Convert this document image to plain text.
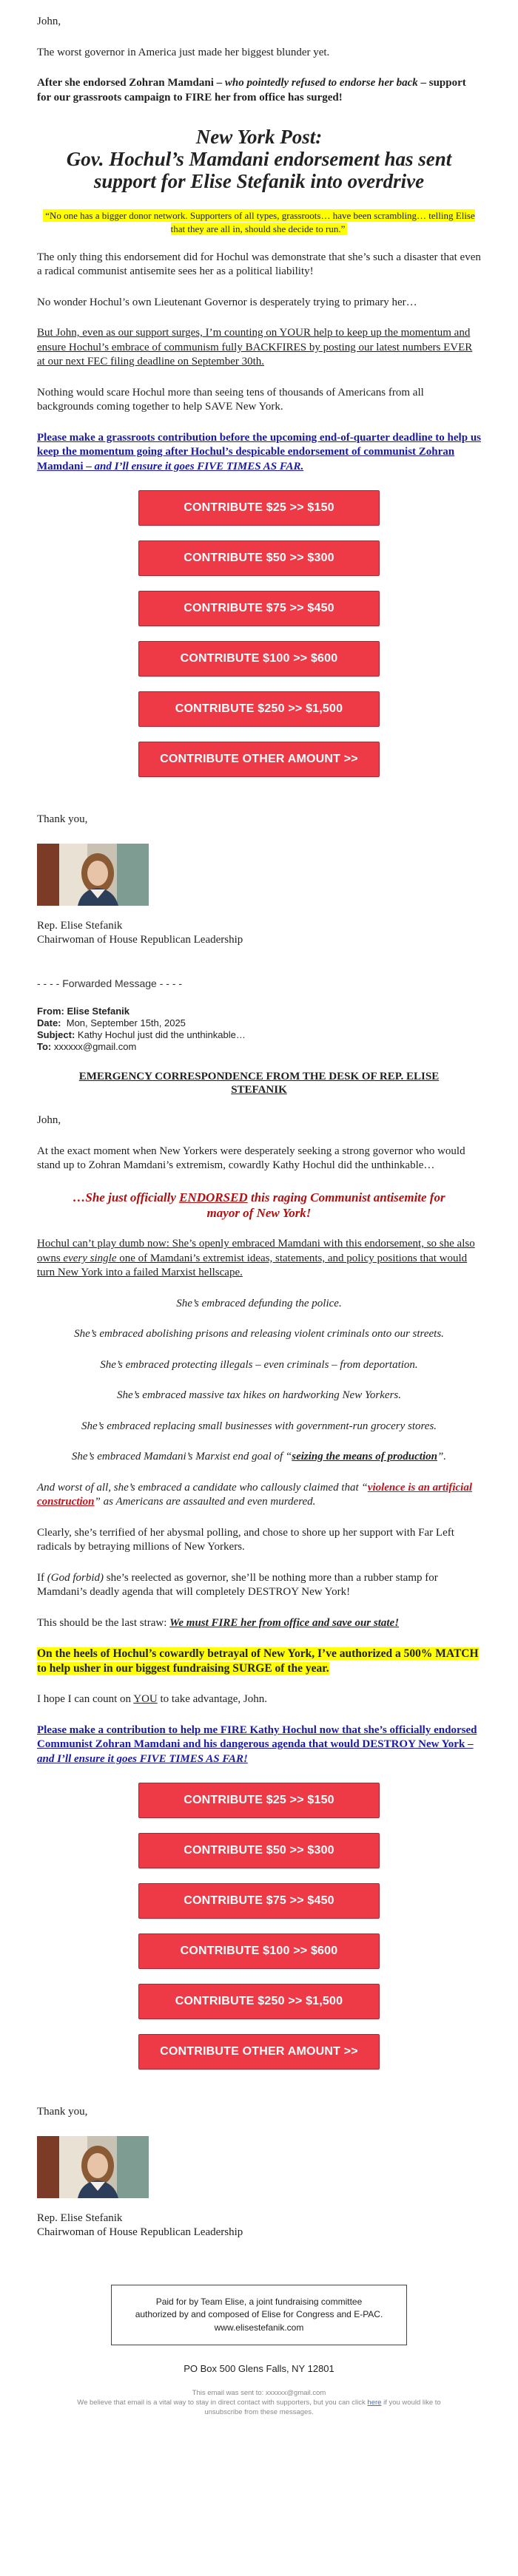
John,

The worst governor in America just made her biggest blunder yet.

After she endorsed Zohran Mamdani – who pointedly refused to endorse her back – support for our grassroots campaign to FIRE her from office has surged!

New York Post:
Gov. Hochul’s Mamdani endorsement has sent support for Elise Stefanik into overdrive
“No one has a bigger donor network. Supporters of all types, grassroots… have been scrambling… telling Elise that they are all in, should she decide to run.”

The only thing this endorsement did for Hochul was demonstrate that she’s such a disaster that even a radical communist antisemite sees her as a political liability!

No wonder Hochul’s own Lieutenant Governor is desperately trying to primary her…

But John, even as our support surges, I’m counting on YOUR help to keep up the momentum and ensure Hochul’s embrace of communism fully BACKFIRES by posting our latest numbers EVER at our next FEC filing deadline on September 30th.

Nothing would scare Hochul more than seeing tens of thousands of Americans from all backgrounds coming together to help SAVE New York.

Please make a grassroots contribution before the upcoming end-of-quarter deadline to help us keep the momentum going after Hochul’s despicable endorsement of communist Zohran Mamdani – and I’ll ensure it goes FIVE TIMES AS FAR.

CONTRIBUTE $25 >> $150
CONTRIBUTE $50 >> $300
CONTRIBUTE $75 >> $450
CONTRIBUTE $100 >> $600
CONTRIBUTE $250 >> $1,500
CONTRIBUTE OTHER AMOUNT >>

Thank you,

Rep. Elise Stefanik

Chairwoman of House Republican Leadership

- - - - Forwarded Message - - - -
From: Elise Stefanik
Date: Mon, September 15th, 2025
Subject: Kathy Hochul just did the unthinkable…
To: xxxxxx@gmail.com
EMERGENCY CORRESPONDENCE FROM THE DESK OF REP. ELISE STEFANIK

John,

At the exact moment when New Yorkers were desperately seeking a strong governor who would stand up to Zohran Mamdani’s extremism, cowardly Kathy Hochul did the unthinkable…

…She just officially ENDORSED this raging Communist antisemite for mayor of New York!

Hochul can’t play dumb now: She’s openly embraced Mamdani with this endorsement, so she also owns every single one of Mamdani’s extremist ideas, statements, and policy positions that would turn New York into a failed Marxist hellscape.

She’s embraced defunding the police.

She’s embraced abolishing prisons and releasing violent criminals onto our streets.

She’s embraced protecting illegals – even criminals – from deportation.

She’s embraced massive tax hikes on hardworking New Yorkers.

She’s embraced replacing small businesses with government-run grocery stores.

She’s embraced Mamdani’s Marxist end goal of “seizing the means of production”.

And worst of all, she’s embraced a candidate who callously claimed that “violence is an artificial construction” as Americans are assaulted and even murdered.

Clearly, she’s terrified of her abysmal polling, and chose to shore up her support with Far Left radicals by betraying millions of New Yorkers.

If (God forbid) she’s reelected as governor, she’ll be nothing more than a rubber stamp for Mamdani’s deadly agenda that will completely DESTROY New York!

This should be the last straw: We must FIRE her from office and save our state!

On the heels of Hochul’s cowardly betrayal of New York, I’ve authorized a 500% MATCH to help usher in our biggest fundraising SURGE of the year.

I hope I can count on YOU to take advantage, John.

Please make a contribution to help me FIRE Kathy Hochul now that she’s officially endorsed Communist Zohran Mamdani and his dangerous agenda that would DESTROY New York – and I’ll ensure it goes FIVE TIMES AS FAR!

CONTRIBUTE $25 >> $150
CONTRIBUTE $50 >> $300
CONTRIBUTE $75 >> $450
CONTRIBUTE $100 >> $600
CONTRIBUTE $250 >> $1,500
CONTRIBUTE OTHER AMOUNT >>

Thank you,

Rep. Elise Stefanik

Chairwoman of House Republican Leadership

Paid for by Team Elise, a joint fundraising committee
authorized by and composed of Elise for Congress and E-PAC. www.elisestefanik.com
PO Box 500 Glens Falls, NY 12801
This email was sent to: xxxxxx@gmail.com
We believe that email is a vital way to stay in direct contact with supporters, but you can click here if you would like to unsubscribe from these messages.
